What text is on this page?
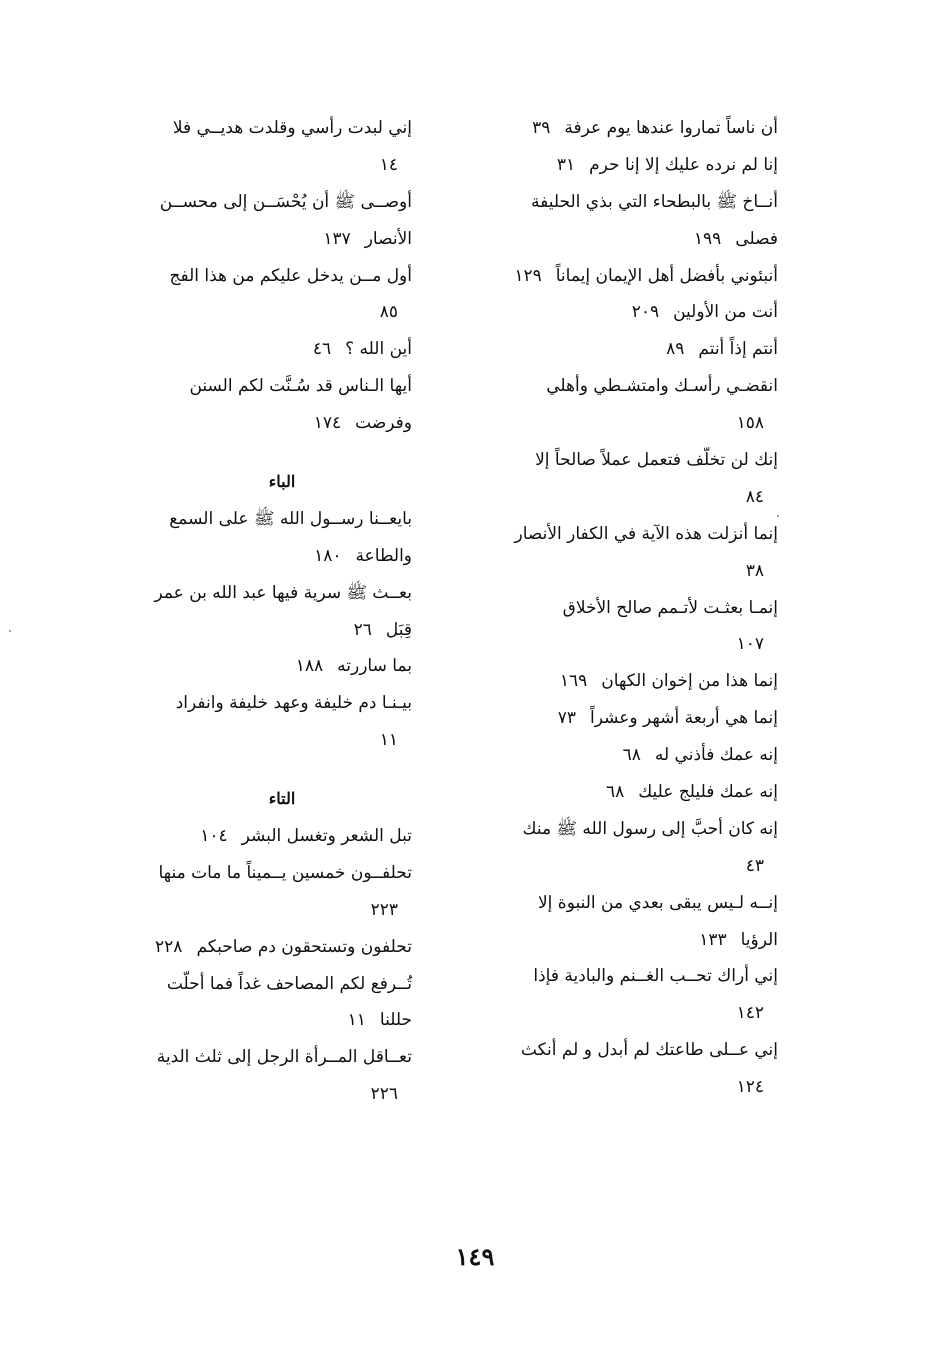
أن ناساً تماروا عندها يوم عرفة٣٩
إنا لم نرده عليك إلا إنا حرم٣١
أنــاخ ﷺ بالبطحاء التي بذي الحليفة
فصلى١٩٩
أنبئوني بأفضل أهل الإيمان إيماناً١٢٩
أنت من الأولين٢٠٩
أنتم إذاً أنتم٨٩
انقضـي رأسـك وامتشـطي وأهلي
١٥٨
إنك لن تخلّف فتعمل عملاً صالحاً إلا
٨٤
إنما أنزلت هذه الآية في الكفار الأنصار
٣٨
إنمـا بعثـت لأتـمم صالح الأخلاق
١٠٧
إنما هذا من إخوان الكهان١٦٩
إنما هي أربعة أشهر وعشراً٧٣
إنه عمك فأذني له٦٨
إنه عمك فليلج عليك٦٨
إنه كان أحبَّ إلى رسول الله ﷺ منك
٤٣
إنــه لـيس يبقى بعدي من النبوة إلا
الرؤيا١٣٣
إني أراك تحــب الغــنم والبادية فإذا
١٤٢
إني عــلى طاعتك لم أبدل و لم أنكث
١٢٤
إني لبدت رأسي وقلدت هديــي فلا
١٤
أوصــى ﷺ أن يُحْسَــن إلى محســن
الأنصار١٣٧
أول مــن يدخل عليكم من هذا الفج
٨٥
أين الله ؟٤٦
أيها الـناس قد سُـنَّت لكم السنن
وفرضت١٧٤
الباء
بايعــنا رســول الله ﷺ على السمع
والطاعة١٨٠
بعــث ﷺ سرية فيها عبد الله بن عمر
قِبَل٢٦
بما ساررته١٨٨
بيـنـا دم خليفة وعهد خليفة وانفراد
١١
التاء
تبل الشعر وتغسل البشر١٠٤
تحلفــون خمسين يــميناً ما مات منها
٢٢٣
تحلفون وتستحقون دم صاحبكم٢٢٨
تُــرفع لكم المصاحف غداً فما أحلّت
حللنا١١
تعــاقل المــرأة الرجل إلى ثلث الدية
٢٢٦
١٤٩
